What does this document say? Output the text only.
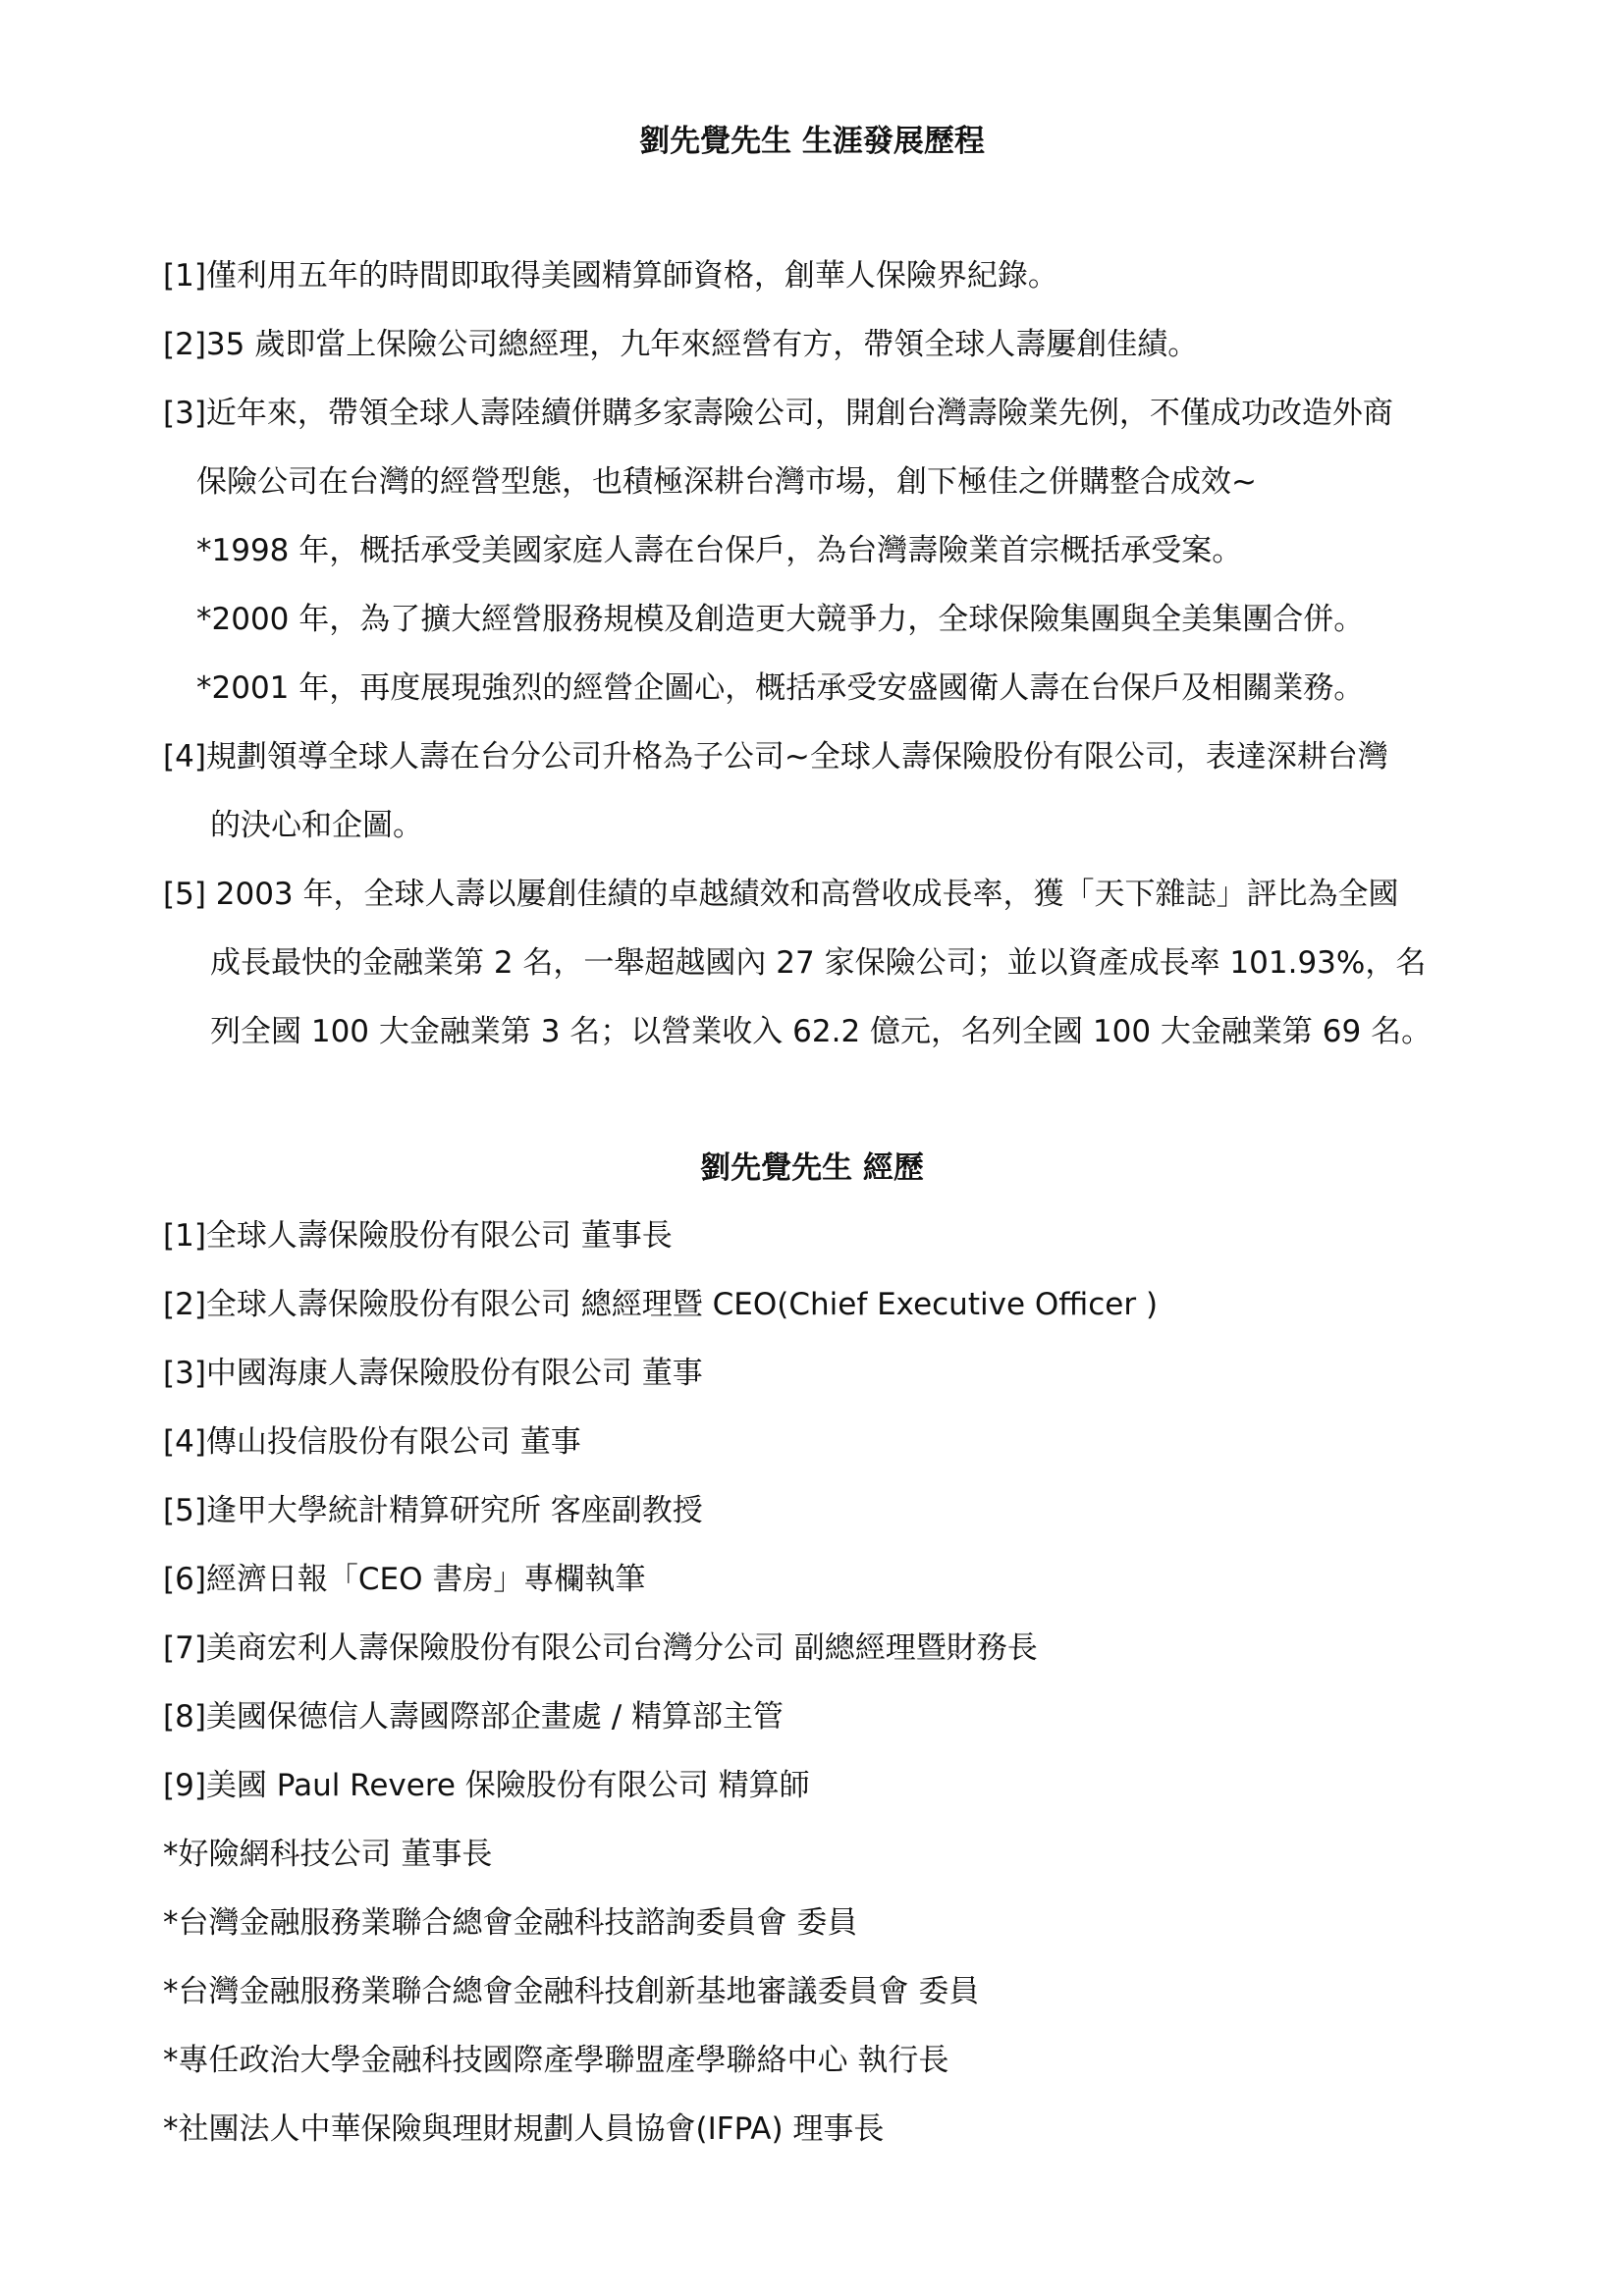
劉先覺先生 生涯發展歷程

[1]僅利用五年的時間即取得美國精算師資格，創華人保險界紀錄。

[2]35 歲即當上保險公司總經理，九年來經營有方，帶領全球人壽屢創佳績。

[3]近年來，帶領全球人壽陸續併購多家壽險公司，開創台灣壽險業先例，不僅成功改造外商

保險公司在台灣的經營型態，也積極深耕台灣市場，創下極佳之併購整合成效~

*1998 年，概括承受美國家庭人壽在台保戶，為台灣壽險業首宗概括承受案。

*2000 年，為了擴大經營服務規模及創造更大競爭力，全球保險集團與全美集團合併。

*2001 年，再度展現強烈的經營企圖心，概括承受安盛國衛人壽在台保戶及相關業務。

[4]規劃領導全球人壽在台分公司升格為子公司~全球人壽保險股份有限公司，表達深耕台灣

的決心和企圖。

[5] 2003 年，全球人壽以屢創佳績的卓越績效和高營收成長率，獲「天下雜誌」評比為全國

成長最快的金融業第 2 名，一舉超越國內 27 家保險公司；並以資產成長率 101.93%，名

列全國 100 大金融業第 3 名；以營業收入 62.2 億元，名列全國 100 大金融業第 69 名。

劉先覺先生 經歷

[1]全球人壽保險股份有限公司 董事長

[2]全球人壽保險股份有限公司 總經理暨 CEO(Chief Executive Officer )

[3]中國海康人壽保險股份有限公司 董事

[4]傳山投信股份有限公司 董事

[5]逢甲大學統計精算研究所 客座副教授

[6]經濟日報「CEO 書房」專欄執筆

[7]美商宏利人壽保險股份有限公司台灣分公司 副總經理暨財務長

[8]美國保德信人壽國際部企畫處 / 精算部主管

[9]美國 Paul Revere 保險股份有限公司 精算師

*好險網科技公司 董事長

*台灣金融服務業聯合總會金融科技諮詢委員會 委員

*台灣金融服務業聯合總會金融科技創新基地審議委員會 委員

*專任政治大學金融科技國際產學聯盟產學聯絡中心 執行長

*社團法人中華保險與理財規劃人員協會(IFPA) 理事長
